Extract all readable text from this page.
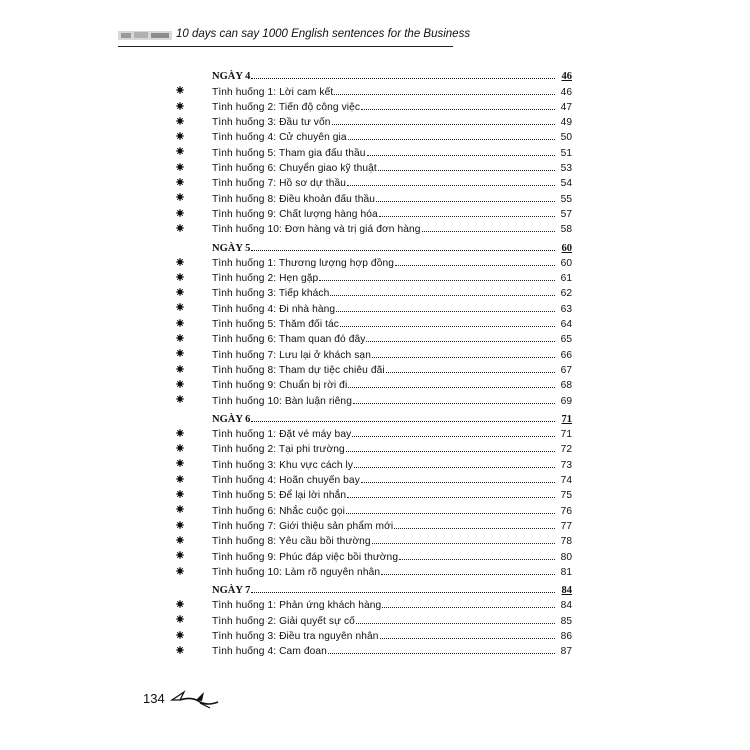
10 days can say 1000 English sentences for the Business
NGÀY 4	46
Tình huống 1: Lời cam kết	46
Tình huống 2: Tiến độ công việc	47
Tình huống 3: Đầu tư vốn	49
Tình huống 4: Cử chuyên gia	50
Tình huống 5: Tham gia đấu thầu	51
Tình huống 6: Chuyển giao kỹ thuật	53
Tình huống 7: Hồ sơ dự thầu	54
Tình huống 8: Điều khoản đấu thầu	55
Tình huống 9: Chất lượng hàng hóa	57
Tình huống 10: Đơn hàng và trị giá đơn hàng	58
NGÀY 5	60
Tình huống 1: Thương lượng hợp đồng	60
Tình huống 2: Hẹn gặp	61
Tình huống 3: Tiếp khách	62
Tình huống 4: Đi nhà hàng	63
Tình huống 5: Thăm đối tác	64
Tình huống 6: Tham quan đó đây	65
Tình huống 7: Lưu lại ở khách sạn	66
Tình huống 8: Tham dự tiệc chiêu đãi	67
Tình huống 9: Chuẩn bị rời đi	68
Tình huống 10: Bàn luận riêng	69
NGÀY 6	71
Tình huống 1: Đặt vé máy bay	71
Tình huống 2: Tại phi trường	72
Tình huống 3: Khu vực cách ly	73
Tình huống 4: Hoãn chuyến bay	74
Tình huống 5: Để lại lời nhắn	75
Tình huống 6: Nhắc cuộc gọi	76
Tình huống 7: Giới thiệu sản phẩm mới	77
Tình huống 8: Yêu cầu bồi thường	78
Tình huống 9: Phúc đáp việc bồi thường	80
Tình huống 10: Làm rõ nguyên nhân	81
NGÀY 7	84
Tình huống 1: Phản ứng khách hàng	84
Tình huống 2: Giải quyết sự cố	85
Tình huống 3: Điều tra nguyên nhân	86
Tình huống 4: Cam đoan	87
134
